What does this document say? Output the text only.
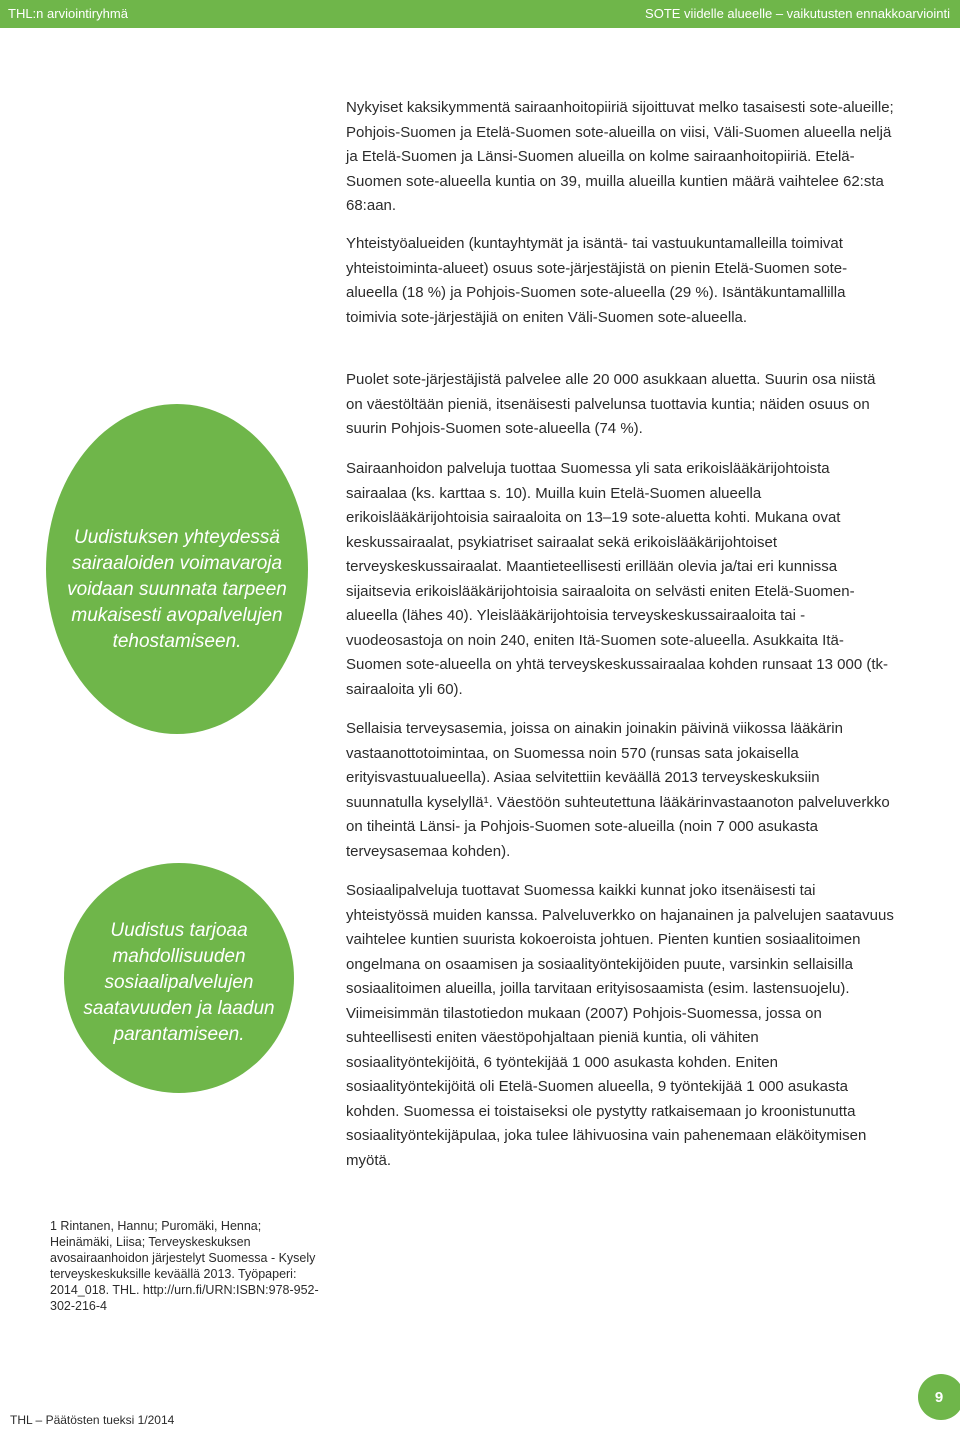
THL:n arviointiryhmä	SOTE viidelle alueelle – vaikutusten ennakkoarviointi

Nykyiset kaksikymmentä sairaanhoitopiiriä sijoittuvat melko tasaisesti sote-alueille; Pohjois-Suomen ja Etelä-Suomen sote-alueilla on viisi, Väli-Suomen alueella neljä ja Etelä-Suomen ja Länsi-Suomen alueilla on kolme sairaanhoitopiiriä. Etelä-Suomen sote-alueella kuntia on 39, muilla alueilla kuntien määrä vaihtelee 62:sta 68:aan.

Yhteistyöalueiden (kuntayhtymät ja isäntä- tai vastuukuntamalleilla toimivat yhteistoiminta-alueet) osuus sote-järjestäjistä on pienin Etelä-Suomen sote-alueella (18 %) ja Pohjois-Suomen sote-alueella (29 %). Isäntäkuntamallilla toimivia sote-järjestäjiä on eniten Väli-Suomen sote-alueella.

Puolet sote-järjestäjistä palvelee alle 20 000 asukkaan aluetta. Suurin osa niistä on väestöltään pieniä, itsenäisesti palvelunsa tuottavia kuntia; näiden osuus on suurin Pohjois-Suomen sote-alueella (74 %).

Sairaanhoidon palveluja tuottaa Suomessa yli sata erikoislääkärijohtoista sairaalaa (ks. karttaa s. 10). Muilla kuin Etelä-Suomen alueella erikoislääkärijohtoisia sairaaloita on 13–19 sote-aluetta kohti. Mukana ovat keskussairaalat, psykiatriset sairaalat sekä erikoislääkärijohtoiset terveyskeskussairaalat. Maantieteellisesti erillään olevia ja/tai eri kunnissa sijaitsevia erikoislääkärijohtoisia sairaaloita on selvästi eniten Etelä-Suomen-alueella (lähes 40). Yleislääkärijohtoisia terveyskeskussairaaloita tai -vuodeosastoja on noin 240, eniten Itä-Suomen sote-alueella. Asukkaita Itä-Suomen sote-alueella on yhtä terveyskeskussairaalaa kohden runsaat 13 000 (tk-sairaaloita yli 60).

Sellaisia terveysasemia, joissa on ainakin joinakin päivinä viikossa lääkärin vastaanottotoimintaa, on Suomessa noin 570 (runsas sata jokaisella erityisvastuualueella). Asiaa selvitettiin keväällä 2013 terveyskeskuksiin suunnatulla kyselyllä¹. Väestöön suhteutettuna lääkärinvastaanoton palveluverkko on tiheintä Länsi- ja Pohjois-Suomen sote-alueilla (noin 7 000 asukasta terveysasemaa kohden).

Sosiaalipalveluja tuottavat Suomessa kaikki kunnat joko itsenäisesti tai yhteistyössä muiden kanssa. Palveluverkko on hajanainen ja palvelujen saatavuus vaihtelee kuntien suurista kokoeroista johtuen. Pienten kuntien sosiaalitoimen ongelmana on osaamisen ja sosiaalityöntekijöiden puute, varsinkin sellaisilla sosiaalitoimen alueilla, joilla tarvitaan erityisosaamista (esim. lastensuojelu). Viimeisimmän tilastotiedon mukaan (2007) Pohjois-Suomessa, jossa on suhteellisesti eniten väestöpohjaltaan pieniä kuntia, oli vähiten sosiaalityöntekijöitä, 6 työntekijää 1 000 asukasta kohden. Eniten sosiaalityöntekijöitä oli Etelä-Suomen alueella, 9 työntekijää 1 000 asukasta kohden. Suomessa ei toistaiseksi ole pystytty ratkaisemaan jo kroonistunutta sosiaalityöntekijäpulaa, joka tulee lähivuosina vain pahenemaan eläköitymisen myötä.

Uudistuksen yhteydessä sairaaloiden voimavaroja voidaan suunnata tarpeen mukaisesti avopalvelujen tehostamiseen.
Uudistus tarjoaa mahdollisuuden sosiaalipalvelujen saatavuuden ja laadun parantamiseen.

1 Rintanen, Hannu; Puromäki, Henna; Heinämäki, Liisa; Terveyskeskuksen avosairaanhoidon järjestelyt Suomessa - Kysely terveyskeskuksille keväällä 2013. Työpaperi: 2014_018. THL. http://urn.fi/URN:ISBN:978-952-302-216-4

THL – Päätösten tueksi 1/2014
9
